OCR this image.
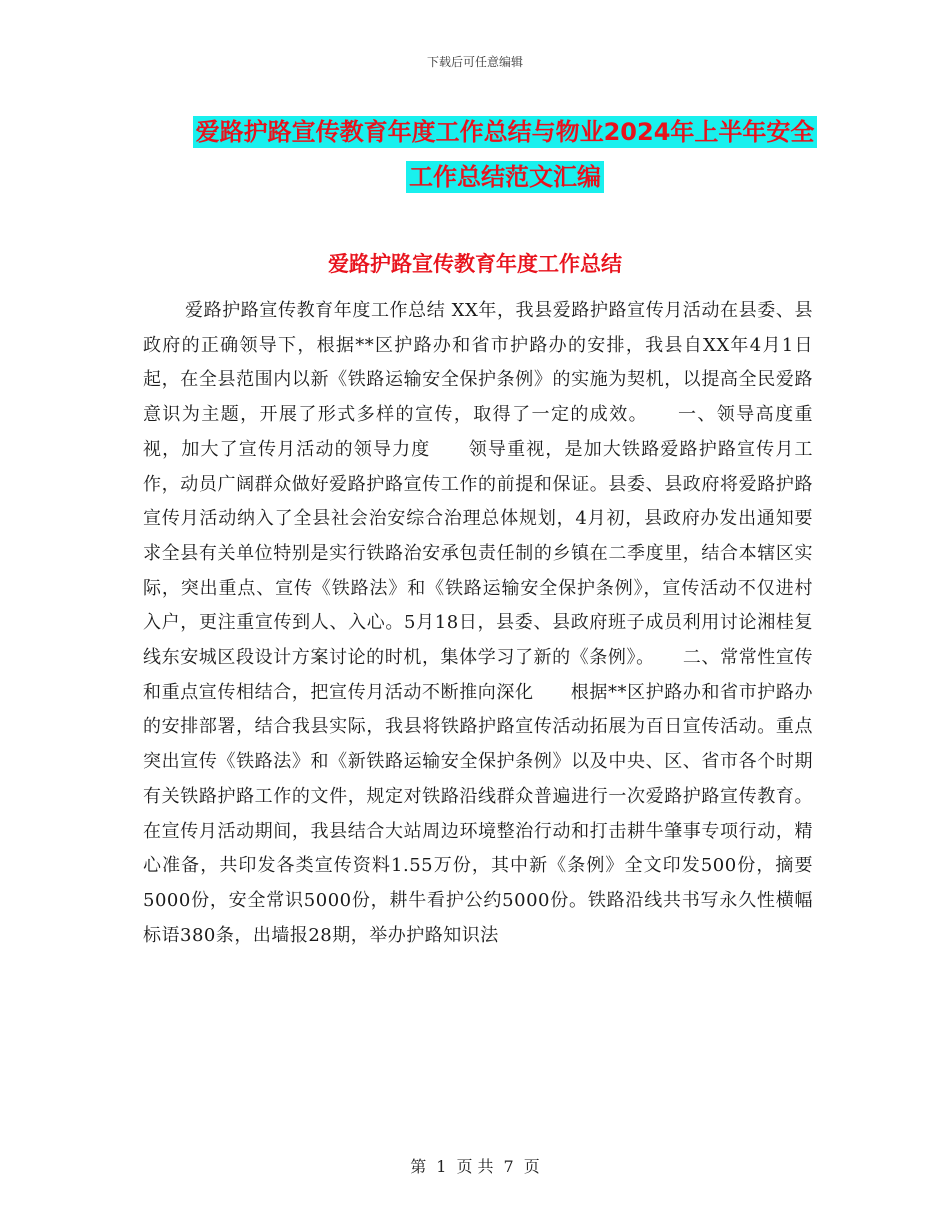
下载后可任意编辑
爱路护路宣传教育年度工作总结与物业2024年上半年安全工作总结范文汇编
爱路护路宣传教育年度工作总结

爱路护路宣传教育年度工作总结 XX年，我县爱路护路宣传月活动在县委、县政府的正确领导下，根据**区护路办和省市护路办的安排，我县自XX年4月1日起，在全县范围内以新《铁路运输安全保护条例》的实施为契机，以提高全民爱路意识为主题，开展了形式多样的宣传，取得了一定的成效。　　一、领导高度重视，加大了宣传月活动的领导力度　　领导重视，是加大铁路爱路护路宣传月工作，动员广阔群众做好爱路护路宣传工作的前提和保证。县委、县政府将爱路护路宣传月活动纳入了全县社会治安综合治理总体规划，4月初，县政府办发出通知要求全县有关单位特别是实行铁路治安承包责任制的乡镇在二季度里，结合本辖区实际，突出重点、宣传《铁路法》和《铁路运输安全保护条例》，宣传活动不仅进村入户，更注重宣传到人、入心。5月18日，县委、县政府班子成员利用讨论湘桂复线东安城区段设计方案讨论的时机，集体学习了新的《条例》。　　二、常常性宣传和重点宣传相结合，把宣传月活动不断推向深化　　根据**区护路办和省市护路办的安排部署，结合我县实际，我县将铁路护路宣传活动拓展为百日宣传活动。重点突出宣传《铁路法》和《新铁路运输安全保护条例》以及中央、区、省市各个时期有关铁路护路工作的文件，规定对铁路沿线群众普遍进行一次爱路护路宣传教育。在宣传月活动期间，我县结合大站周边环境整治行动和打击耕牛肇事专项行动，精心准备，共印发各类宣传资料1.55万份，其中新《条例》全文印发500份，摘要5000份，安全常识5000份，耕牛看护公约5000份。铁路沿线共书写永久性横幅标语380条，出墙报28期，举办护路知识法

第 1 页 共 7 页
